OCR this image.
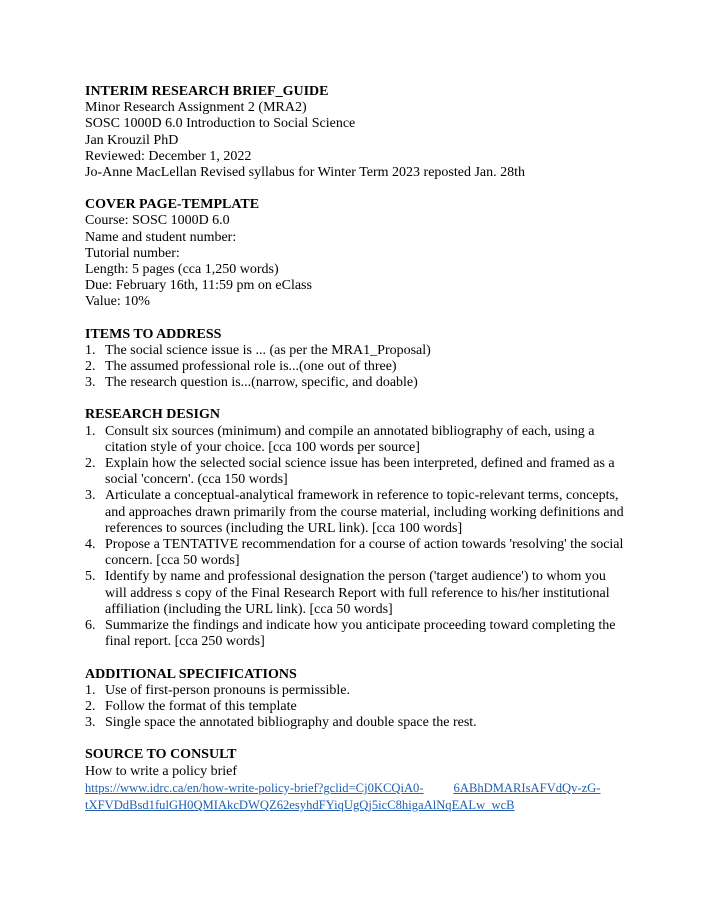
INTERIM RESEARCH BRIEF_GUIDE
Minor Research Assignment 2 (MRA2)
SOSC 1000D 6.0 Introduction to Social Science
Jan Krouzil PhD
Reviewed: December 1, 2022
Jo-Anne MacLellan Revised syllabus for Winter Term 2023 reposted Jan. 28th
COVER PAGE-TEMPLATE
Course: SOSC 1000D 6.0
Name and student number:
Tutorial number:
Length: 5 pages (cca 1,250 words)
Due: February 16th, 11:59 pm on eClass
Value: 10%
ITEMS TO ADDRESS
1. The social science issue is ... (as per the MRA1_Proposal)
2. The assumed professional role is...(one out of three)
3. The research question is...(narrow, specific, and doable)
RESEARCH DESIGN
1. Consult six sources (minimum) and compile an annotated bibliography of each, using a citation style of your choice. [cca 100 words per source]
2. Explain how the selected social science issue has been interpreted, defined and framed as a social 'concern'. (cca 150 words]
3. Articulate a conceptual-analytical framework in reference to topic-relevant terms, concepts, and approaches drawn primarily from the course material, including working definitions and references to sources (including the URL link). [cca 100 words]
4. Propose a TENTATIVE recommendation for a course of action towards 'resolving' the social concern. [cca 50 words]
5. Identify by name and professional designation the person ('target audience') to whom you will address s copy of the Final Research Report with full reference to his/her institutional affiliation (including the URL link). [cca 50 words]
6. Summarize the findings and indicate how you anticipate proceeding toward completing the final report. [cca 250 words]
ADDITIONAL SPECIFICATIONS
1. Use of first-person pronouns is permissible.
2. Follow the format of this template
3. Single space the annotated bibliography and double space the rest.
SOURCE TO CONSULT
How to write a policy brief
https://www.idrc.ca/en/how-write-policy-brief?gclid=Cj0KCQiA0- 6ABhDMARIsAFVdQv-zG-
tXFVDdBsd1fulGH0QMIAkcDWQZ62esyhdFYiqUgQj5icC8higaAlNqEALw_wcB
